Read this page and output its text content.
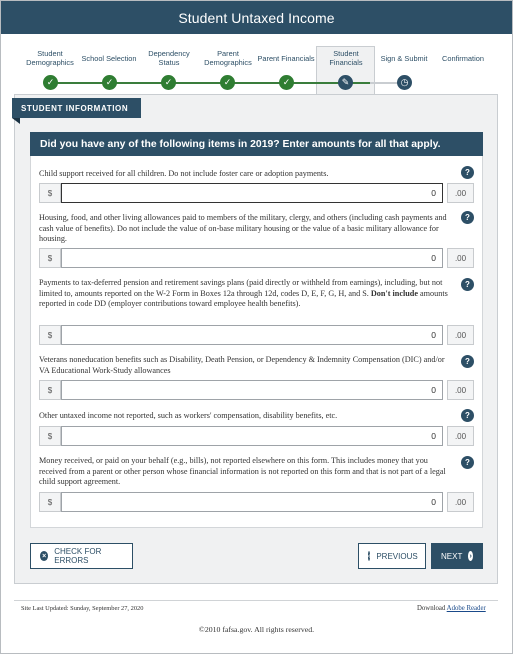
Student Untaxed Income
Student Demographics
✓
School Selection
✓
Dependency Status
✓
Parent Demographics
✓
Parent Financials
✓
Student Financials
✎
Sign & Submit
◷
Confirmation
STUDENT INFORMATION
Did you have any of the following items in 2019? Enter amounts for all that apply.
Child support received for all children. Do not include foster care or adoption payments.	?
$	0	.00
Housing, food, and other living allowances paid to members of the military, clergy, and others (including cash payments and cash value of benefits). Do not include the value of on-base military housing or the value of a basic military allowance for housing.
?
$	0	.00
Payments to tax-deferred pension and retirement savings plans (paid directly or withheld from earnings), including, but not limited to, amounts reported on the W-2 Form in Boxes 12a through 12d, codes D, E, F, G, H, and S. Don't include amounts reported in code DD (employer contributions toward employee health benefits).
?
$	0	.00
Veterans noneducation benefits such as Disability, Death Pension, or Dependency & Indemnity Compensation (DIC) and/or VA Educational Work-Study allowances
?
$	0	.00
Other untaxed income not reported, such as workers' compensation, disability benefits, etc.	?
$	0	.00
Money received, or paid on your behalf (e.g., bills), not reported elsewhere on this form. This includes money that you received from a parent or other person whose financial information is not reported on this form and that is not part of a legal child support agreement.
?
$	0	.00
× CHECK FOR ERRORS	‹ PREVIOUS	NEXT ›
Site Last Updated: Sunday, September 27, 2020	Download Adobe Reader
©2010 fafsa.gov. All rights reserved.
